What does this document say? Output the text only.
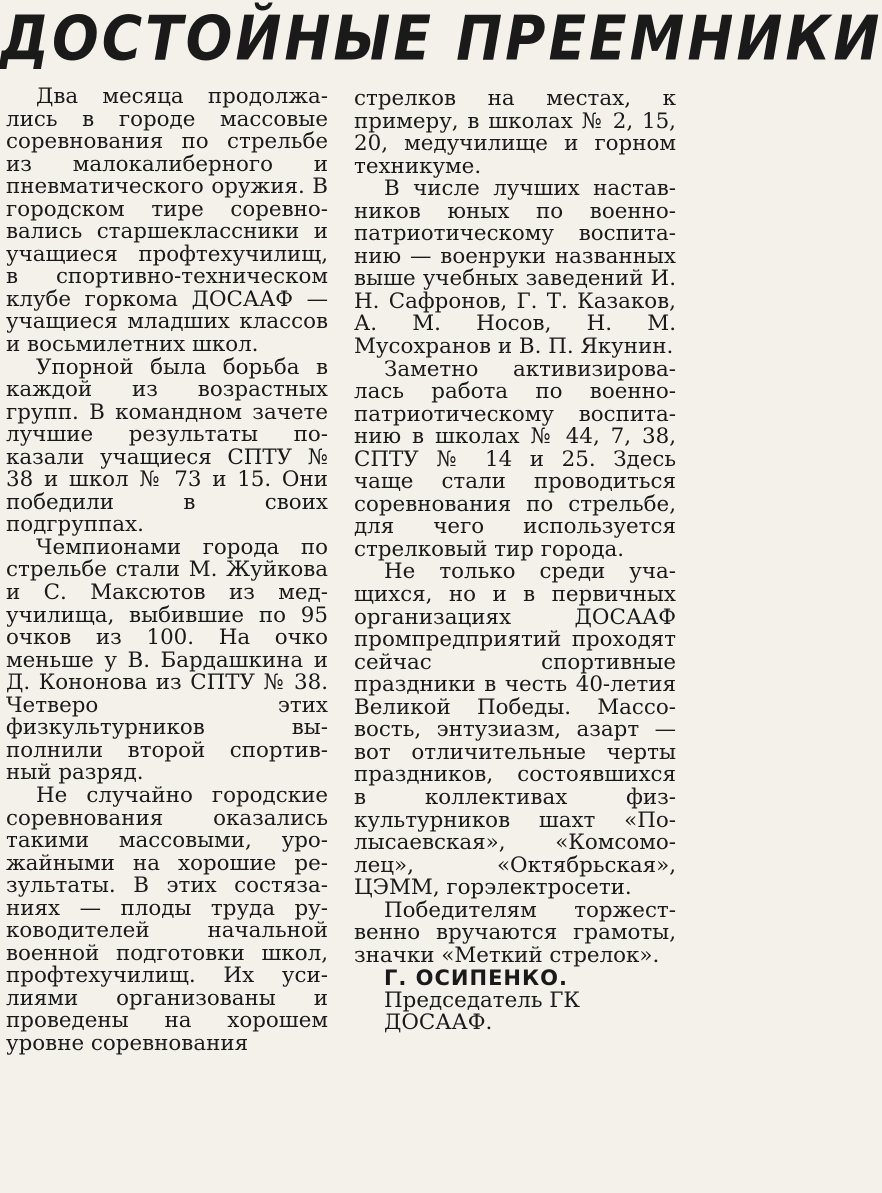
ДОСТОЙНЫЕ ПРЕЕМНИКИ

Два месяца продолжались в городе массовые соревнования по стрельбе из малокалиберного и пневматического оружия. В городском тире соревновались старшеклассники и учащиеся профтехучилищ, в спортивно-техническом клубе горкома ДОСААФ — учащиеся младших классов и восьмилетних школ.

Упорной была борьба в каждой из возрастных групп. В командном зачете лучшие результаты показали учащиеся СПТУ № 38 и школ № 73 и 15. Они победили в своих подгруппах.

Чемпионами города по стрельбе стали М. Жуйкова и С. Максютов из медучилища, выбившие по 95 очков из 100. На очко меньше у В. Бардашкина и Д. Кононова из СПТУ № 38. Четверо этих физкультурников выполнили второй спортивный разряд.

Не случайно городские соревнования оказались такими массовыми, урожайными на хорошие результаты. В этих состязаниях — плоды труда руководителей начальной военной подготовки школ, профтехучилищ. Их усилиями организованы и проведены на хорошем уровне соревнования

стрелков на местах, к примеру, в школах № 2, 15, 20, медучилище и горном техникуме.

В числе лучших наставников юных по военно-патриотическому воспитанию — военруки названных выше учебных заведений И. Н. Сафронов, Г. Т. Казаков, А. М. Носов, Н. М. Мусохранов и В. П. Якунин.

Заметно активизировалась работа по военно-патриотическому воспитанию в школах № 44, 7, 38, СПТУ № 14 и 25. Здесь чаще стали проводиться соревнования по стрельбе, для чего используется стрелковый тир города.

Не только среди учащихся, но и в первичных организациях ДОСААФ промпредприятий проходят сейчас спортивные праздники в честь 40-летия Великой Победы. Массовость, энтузиазм, азарт — вот отличительные черты праздников, состоявшихся в коллективах физкультурников шахт «Полысаевская», «Комсомолец», «Октябрьская», ЦЭММ, горэлектросети.

Победителям торжественно вручаются грамоты, значки «Меткий стрелок».

Г. ОСИПЕНКО.

Председатель ГК

ДОСААФ.
